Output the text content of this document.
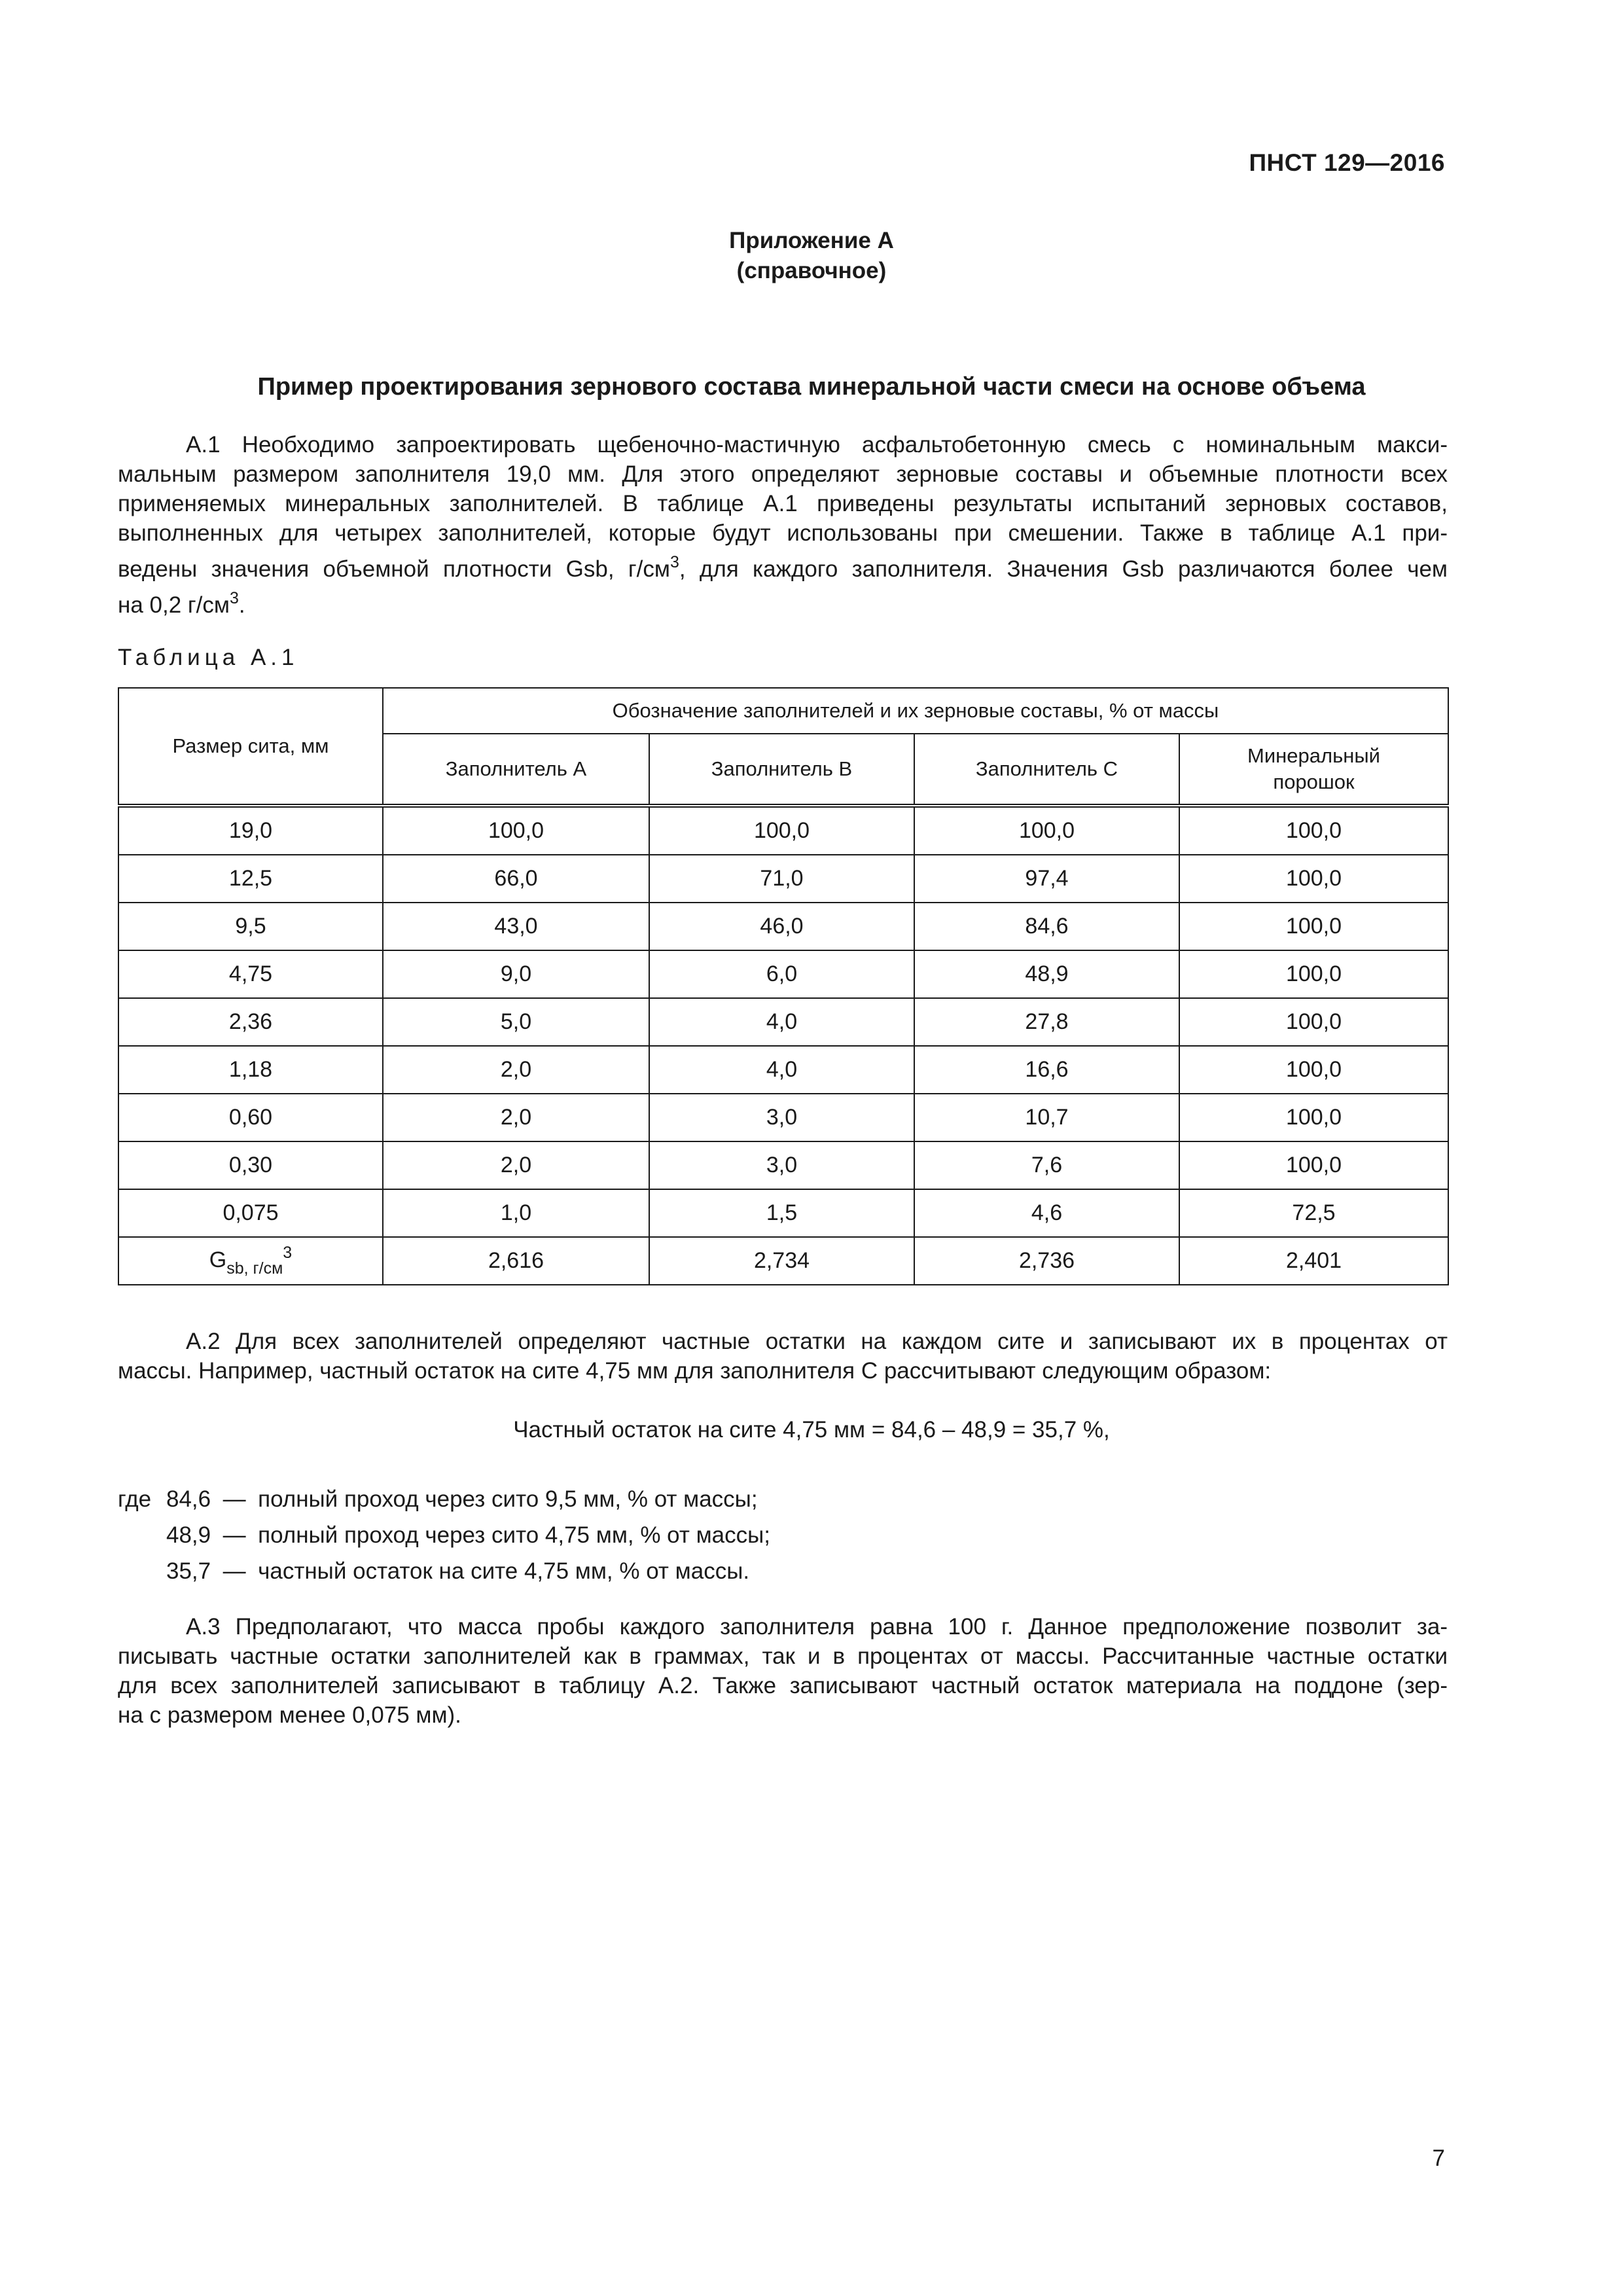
ПНСТ 129—2016
Приложение А
(справочное)
Пример проектирования зернового состава минеральной части смеси на основе объема
А.1 Необходимо запроектировать щебеночно-мастичную асфальтобетонную смесь с номинальным макси-
мальным размером заполнителя 19,0 мм. Для этого определяют зерновые составы и объемные плотности всех
применяемых минеральных заполнителей. В таблице А.1 приведены результаты испытаний зерновых составов,
выполненных для четырех заполнителей, которые будут использованы при смешении. Также в таблице А.1 при-
ведены значения объемной плотности Gsb, $г/см^3$, для каждого заполнителя. Значения Gsb различаются более чем
на 0,2 $г/см^3$.
Таблица А.1
Размер сита, мм	Обозначение заполнителей и их зерновые составы, % от массы			
	Заполнитель А	Заполнитель В	Заполнитель С	Минеральный
порошок

19,0	100,0	100,0	100,0	100,0
12,5	66,0	71,0	97,4	100,0
9,5	43,0	46,0	84,6	100,0
4,75	9,0	6,0	48,9	100,0
2,36	5,0	4,0	27,8	100,0
1,18	2,0	4,0	16,6	100,0
0,60	2,0	3,0	10,7	100,0
0,30	2,0	3,0	7,6	100,0
0,075	1,0	1,5	4,6	72,5
$G_{sb, г/см}^3$	2,616	2,734	2,736	2,401
А.2 Для всех заполнителей определяют частные остатки на каждом сите и записывают их в процентах от
массы. Например, частный остаток на сите 4,75 мм для заполнителя С рассчитывают следующим образом:
Частный остаток на сите 4,75 мм = 84,6 – 48,9 = 35,7 %,
где 84,6 — полный проход через сито 9,5 мм, % от массы;
48,9 — полный проход через сито 4,75 мм, % от массы;
35,7 — частный остаток на сите 4,75 мм, % от массы.
А.3 Предполагают, что масса пробы каждого заполнителя равна 100 г. Данное предположение позволит за-
писывать частные остатки заполнителей как в граммах, так и в процентах от массы. Рассчитанные частные остатки
для всех заполнителей записывают в таблицу А.2. Также записывают частный остаток материала на поддоне (зер-
на с размером менее 0,075 мм).
7
